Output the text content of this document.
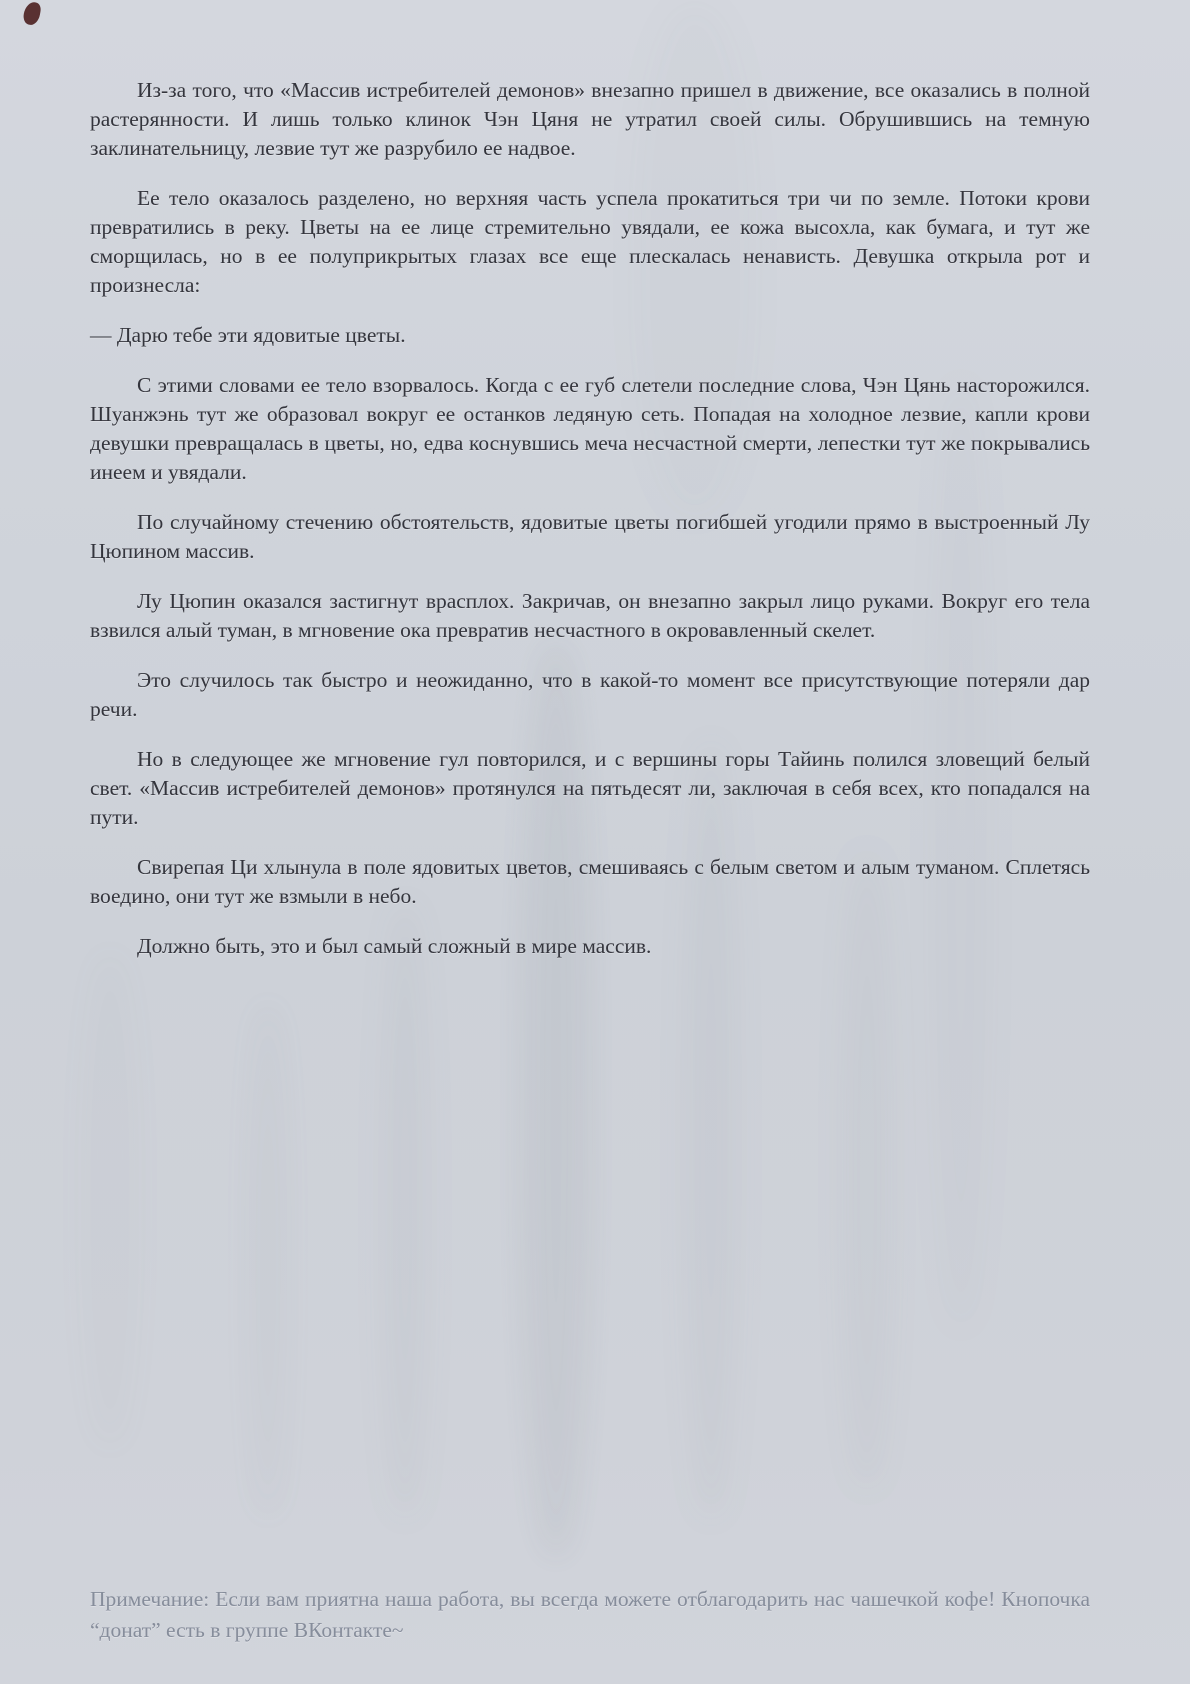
Из-за того, что «Массив истребителей демонов» внезапно пришел в движение, все оказались в полной растерянности. И лишь только клинок Чэн Цяня не утратил своей силы. Обрушившись на темную заклинательницу, лезвие тут же разрубило ее надвое.

Ее тело оказалось разделено, но верхняя часть успела прокатиться три чи по земле. Потоки крови превратились в реку. Цветы на ее лице стремительно увядали, ее кожа высохла, как бумага, и тут же сморщилась, но в ее полуприкрытых глазах все еще плескалась ненависть. Девушка открыла рот и произнесла:

— Дарю тебе эти ядовитые цветы.

С этими словами ее тело взорвалось. Когда с ее губ слетели последние слова, Чэн Цянь насторожился. Шуанжэнь тут же образовал вокруг ее останков ледяную сеть. Попадая на холодное лезвие, капли крови девушки превращалась в цветы, но, едва коснувшись меча несчастной смерти, лепестки тут же покрывались инеем и увядали.

По случайному стечению обстоятельств, ядовитые цветы погибшей угодили прямо в выстроенный Лу Цюпином массив.

Лу Цюпин оказался застигнут врасплох. Закричав, он внезапно закрыл лицо руками. Вокруг его тела взвился алый туман, в мгновение ока превратив несчастного в окровавленный скелет.

Это случилось так быстро и неожиданно, что в какой-то момент все присутствующие потеряли дар речи.

Но в следующее же мгновение гул повторился, и с вершины горы Тайинь полился зловещий белый свет. «Массив истребителей демонов» протянулся на пятьдесят ли, заключая в себя всех, кто попадался на пути.

Свирепая Ци хлынула в поле ядовитых цветов, смешиваясь с белым светом и алым туманом. Сплетясь воедино, они тут же взмыли в небо.

Должно быть, это и был самый сложный в мире массив.

Примечание: Если вам приятна наша работа, вы всегда можете отблагодарить нас чашечкой кофе! Кнопочка “донат” есть в группе ВКонтакте~
